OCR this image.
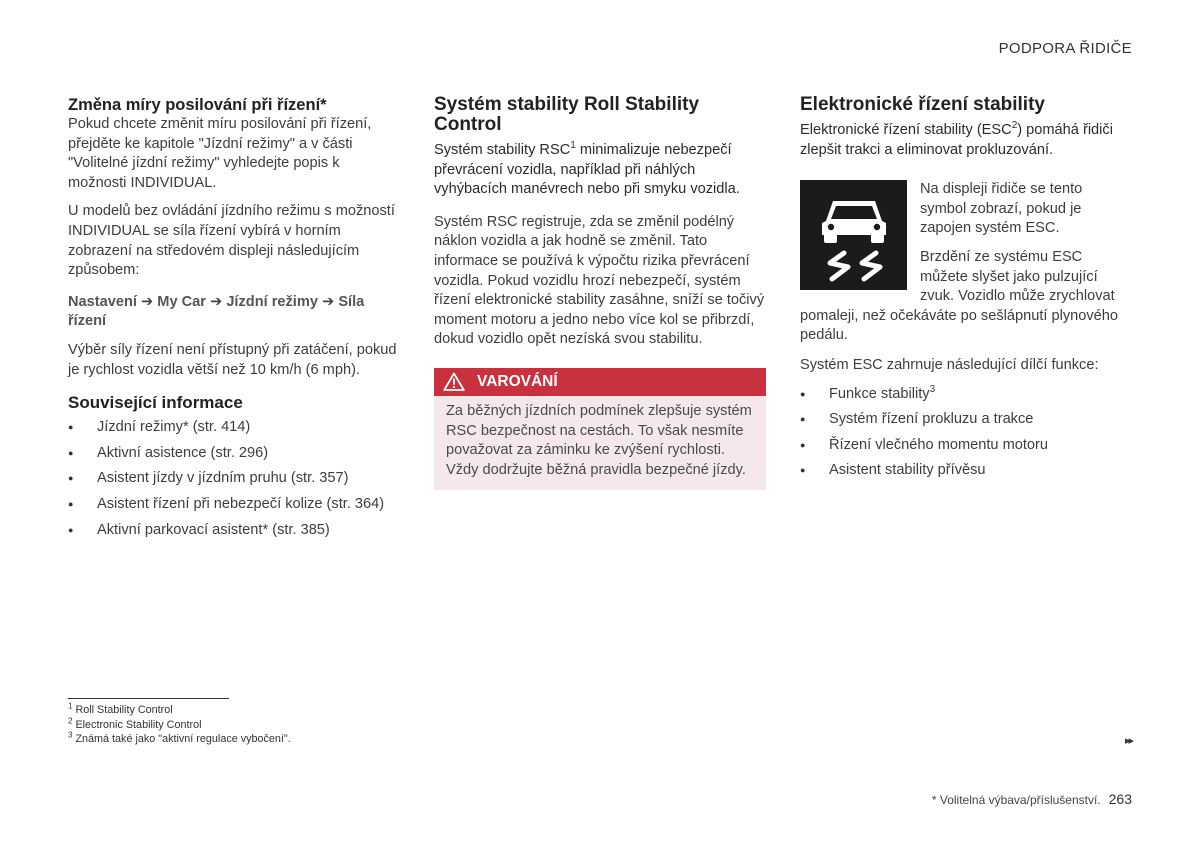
PODPORA ŘIDIČE
Změna míry posilování při řízení*

Pokud chcete změnit míru posilování při řízení, přejděte ke kapitole "Jízdní režimy" a v části "Volitelné jízdní režimy" vyhledejte popis k možnosti INDIVIDUAL.

U modelů bez ovládání jízdního režimu s možností INDIVIDUAL se síla řízení vybírá v horním zobrazení na středovém displeji následujícím způsobem:

Nastavení ➔ My Car ➔ Jízdní režimy ➔ Síla řízení

Výběr síly řízení není přístupný při zatáčení, pokud je rychlost vozidla větší než 10 km/h (6 mph).

Související informace
● Jízdní režimy* (str. 414)
● Aktivní asistence (str. 296)
● Asistent jízdy v jízdním pruhu (str. 357)
● Asistent řízení při nebezpečí kolize (str. 364)
● Aktivní parkovací asistent* (str. 385)
Systém stability Roll Stability Control

Systém stability RSC$^1$ minimalizuje nebezpečí převrácení vozidla, například při náhlých vyhýbacích manévrech nebo při smyku vozidla.

Systém RSC registruje, zda se změnil podélný náklon vozidla a jak hodně se změnil. Tato informace se používá k výpočtu rizika převrácení vozidla. Pokud vozidlu hrozí nebezpečí, systém řízení elektronické stability zasáhne, sníží se točivý moment motoru a jedno nebo více kol se přibrzdí, dokud vozidlo opět nezíská svou stabilitu.

VAROVÁNÍ

Za běžných jízdních podmínek zlepšuje systém RSC bezpečnost na cestách. To však nesmíte považovat za záminku ke zvýšení rychlosti. Vždy dodržujte běžná pravidla bezpečné jízdy.

Elektronické řízení stability

Elektronické řízení stability (ESC$^2$) pomáhá řidiči zlepšit trakci a eliminovat prokluzování.

Na displeji řidiče se tento symbol zobrazí, pokud je zapojen systém ESC.

Brzdění ze systému ESC můžete slyšet jako pulzující zvuk. Vozidlo může zrychlovat pomaleji, než očekáváte po sešlápnutí plynového pedálu.

Systém ESC zahrnuje následující dílčí funkce:

● Funkce stability$^3$
● Systém řízení prokluzu a trakce
● Řízení vlečného momentu motoru
● Asistent stability přívěsu
$^1$ Roll Stability Control
$^2$ Electronic Stability Control
$^3$ Známá také jako "aktivní regulace vybočení".	▸▸
* Volitelná výbava/příslušenství. 263
